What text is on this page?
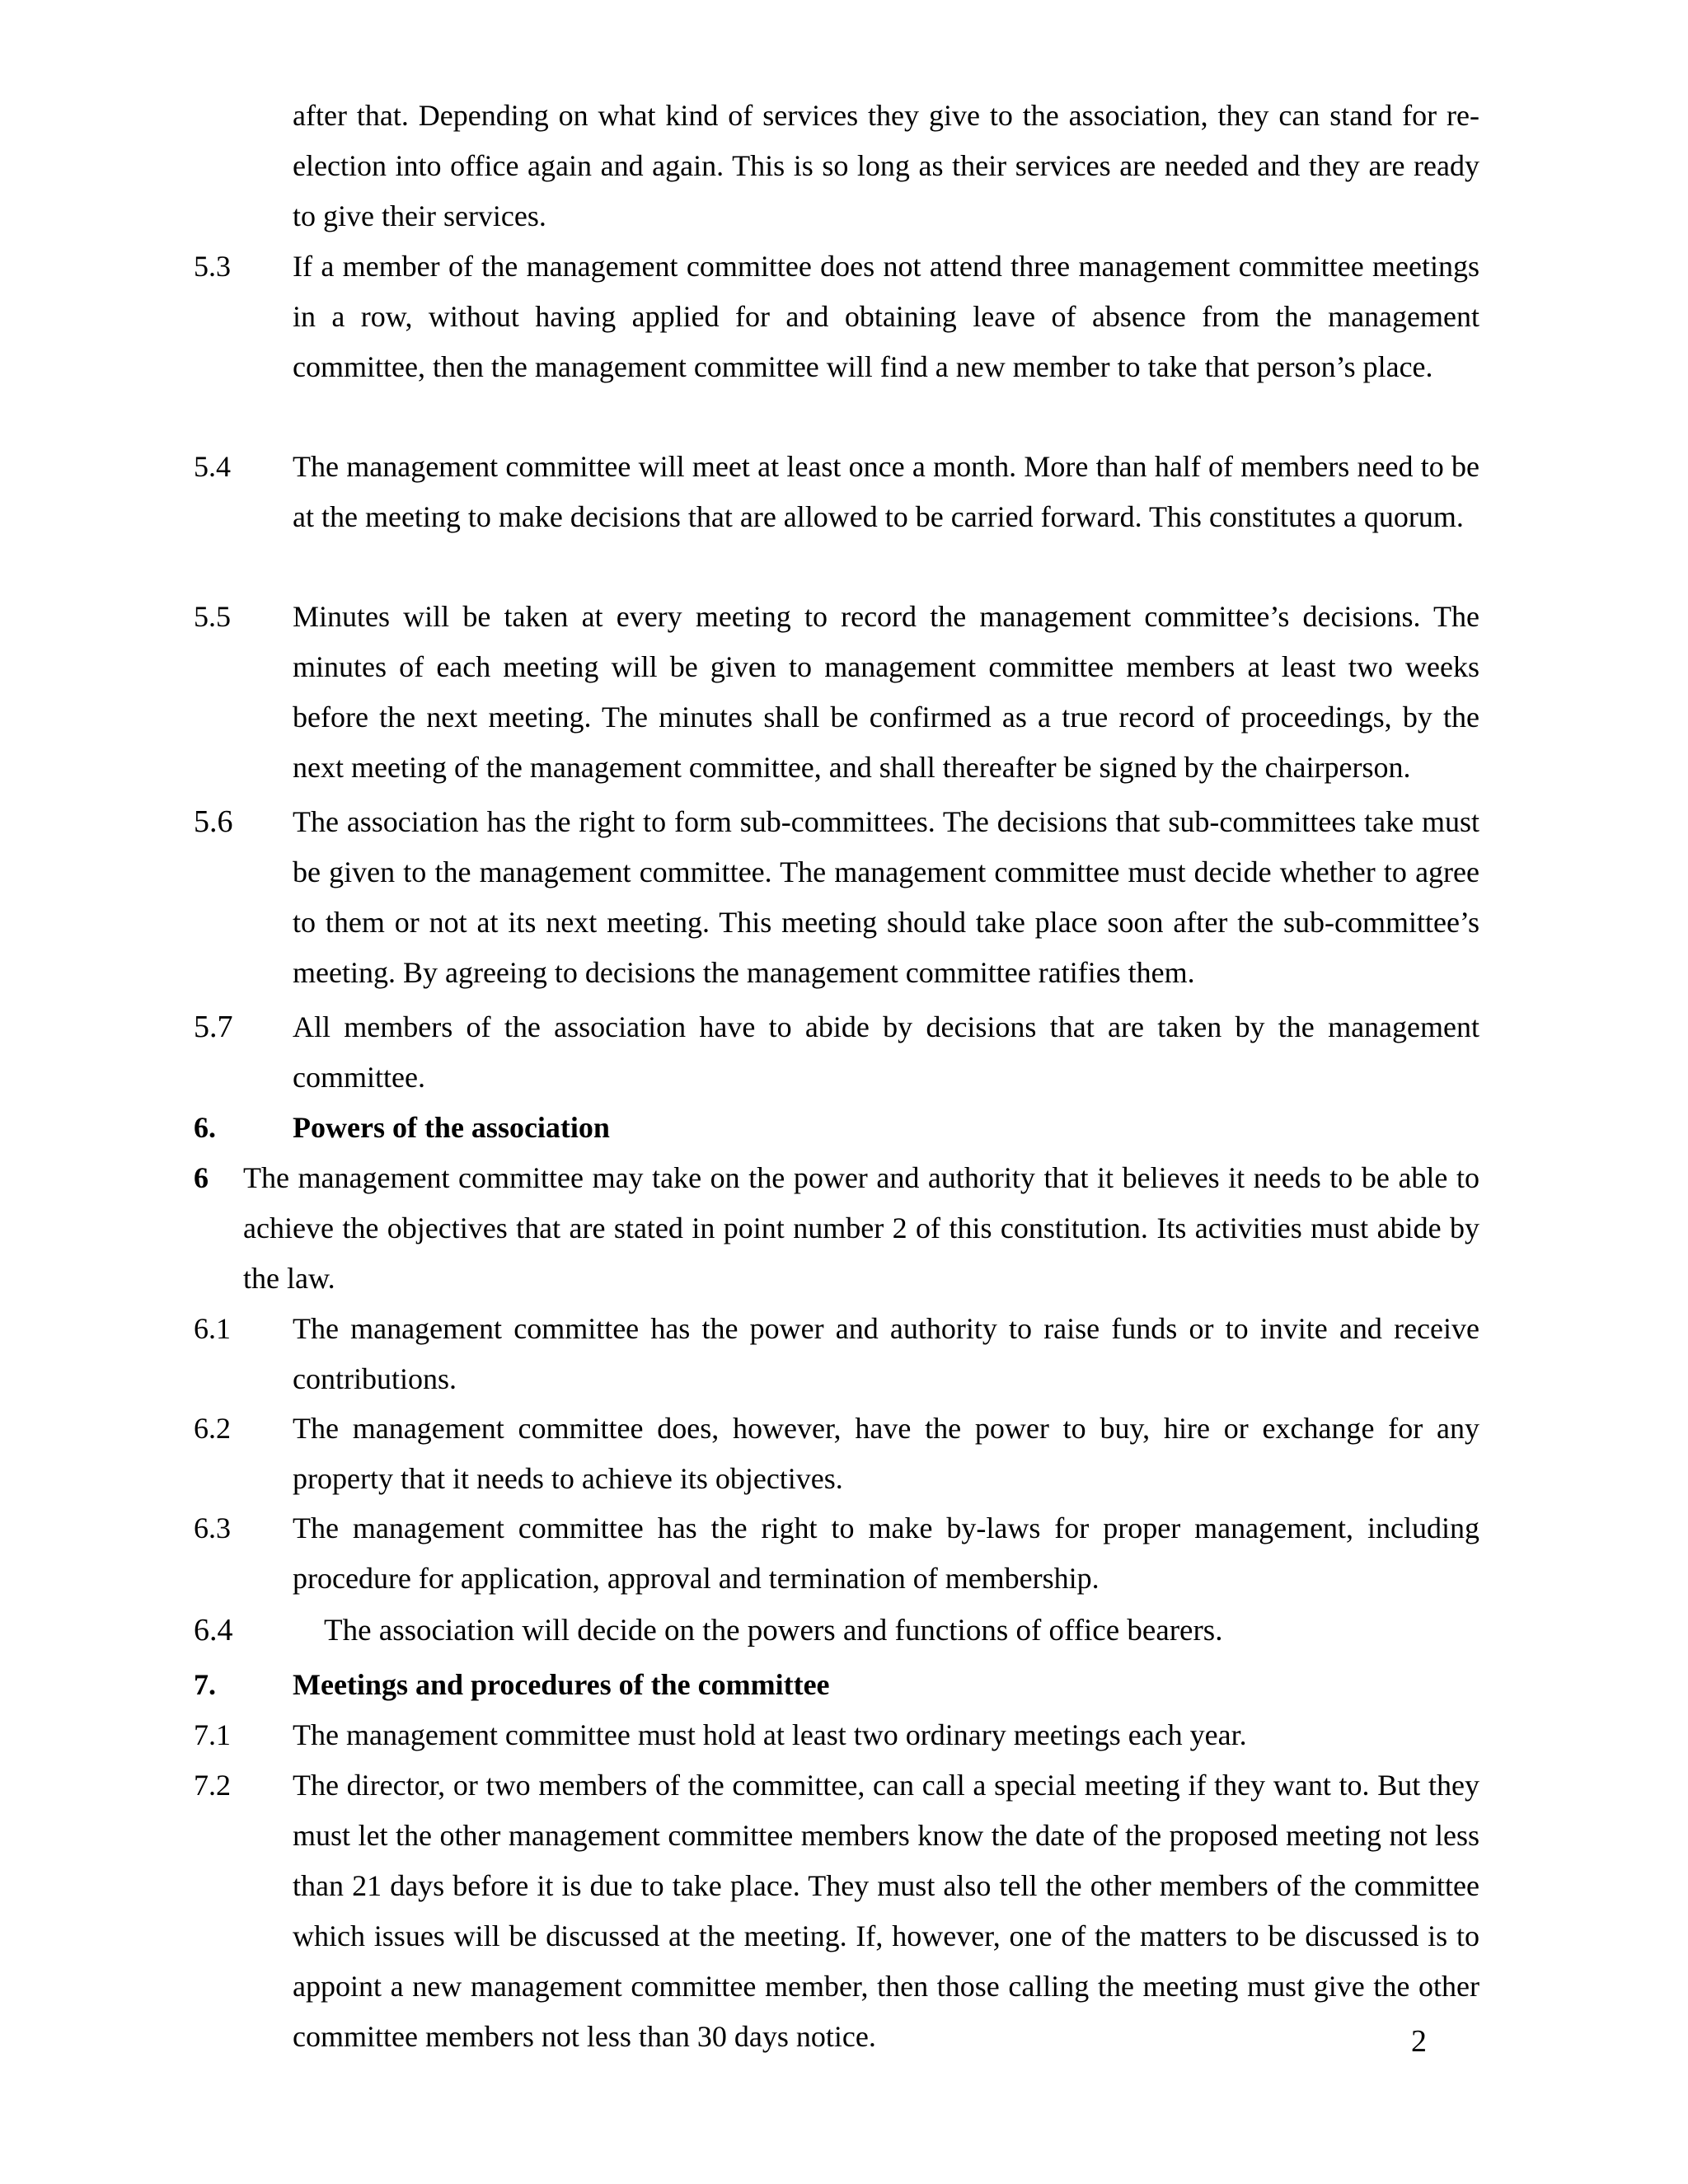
after that. Depending on what kind of services they give to the association, they can stand for re-election into office again and again. This is so long as their services are needed and they are ready to give their services.

5.3 If a member of the management committee does not attend three management committee meetings in a row, without having applied for and obtaining leave of absence from the management committee, then the management committee will find a new member to take that person’s place.

5.4 The management committee will meet at least once a month. More than half of members need to be at the meeting to make decisions that are allowed to be carried forward. This constitutes a quorum.

5.5 Minutes will be taken at every meeting to record the management committee’s decisions. The minutes of each meeting will be given to management committee members at least two weeks before the next meeting. The minutes shall be confirmed as a true record of proceedings, by the next meeting of the management committee, and shall thereafter be signed by the chairperson.

5.6 The association has the right to form sub-committees. The decisions that sub-committees take must be given to the management committee. The management committee must decide whether to agree to them or not at its next meeting. This meeting should take place soon after the sub-committee’s meeting. By agreeing to decisions the management committee ratifies them.

5.7 All members of the association have to abide by decisions that are taken by the management committee.

6.	Powers of the association
6 The management committee may take on the power and authority that it believes it needs to be able to achieve the objectives that are stated in point number 2 of this constitution. Its activities must abide by the law.

6.1 The management committee has the power and authority to raise funds or to invite and receive contributions.

6.2 The management committee does, however, have the power to buy, hire or exchange for any property that it needs to achieve its objectives.

6.3 The management committee has the right to make by-laws for proper management, including procedure for application, approval and termination of membership.

6.4	The association will decide on the powers and functions of office bearers.

7.	Meetings and procedures of the committee
7.1 The management committee must hold at least two ordinary meetings each year.

7.2 The director, or two members of the committee, can call a special meeting if they want to. But they must let the other management committee members know the date of the proposed meeting not less than 21 days before it is due to take place. They must also tell the other members of the committee which issues will be discussed at the meeting. If, however, one of the matters to be discussed is to appoint a new management committee member, then those calling the meeting must give the other committee members not less than 30 days notice.	2
